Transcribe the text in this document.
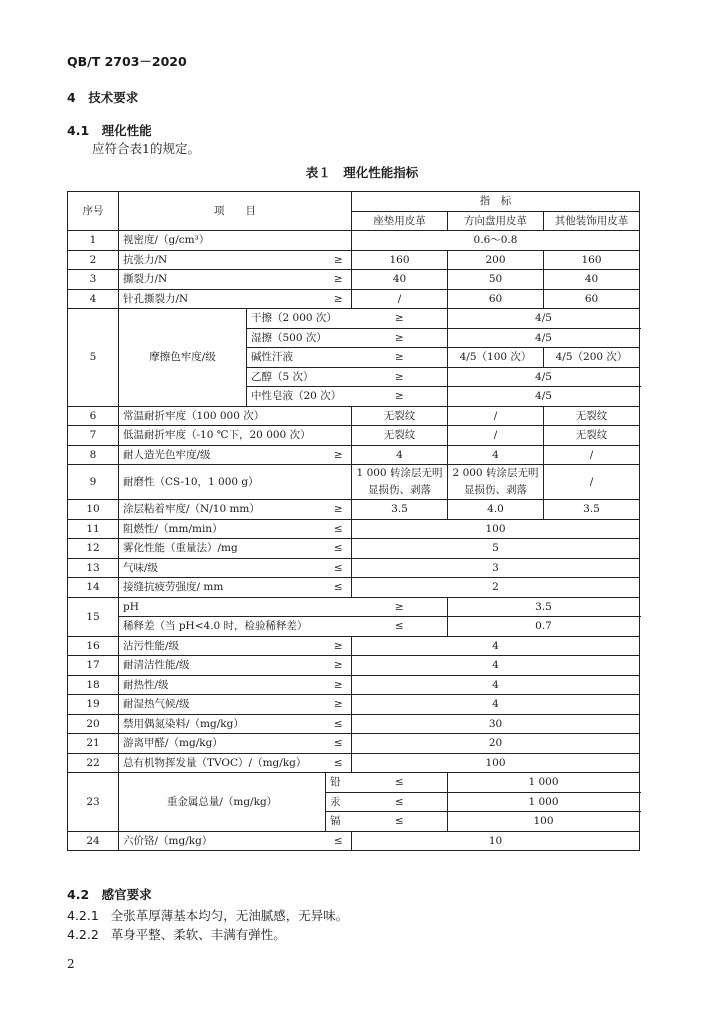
QB/T 2703－2020
4　技术要求
4.1　理化性能
应符合表1的规定。
表１　理化性能指标
序号	项　　目			指　标			
				座垫用皮革	方向盘用皮革	其他装饰用皮革	
1	视密度/（g/cm³）			0.6～0.8			
2	抗张力/N		≥	160	200	160	
3	撕裂力/N		≥	40	50	40	
4	针孔撕裂力/N		≥	/	60	60	
5	摩擦色牢度/级	干擦（2 000 次）		≥	4/5		
		湿擦（500 次）		≥	4/5		
		碱性汗液		≥	4/5（100 次）	4/5（200 次）	
		乙醇（5 次）		≥	4/5		
		中性皂液（20 次）		≥	4/5		
6	常温耐折牢度（100 000 次）			无裂纹	/	无裂纹	
7	低温耐折牢度（-10 ℃下，20 000 次）			无裂纹	/	无裂纹	
8	耐人造光色牢度/级		≥	4	4	/	
9	耐磨性（CS-10，1 000 g）			1 000 转涂层无明显损伤、剥落	2 000 转涂层无明显损伤、剥落	/	
10	涂层粘着牢度/（N/10 mm）		≥	3.5	4.0	3.5	
11	阻燃性/（mm/min）		≤	100			
12	雾化性能（重量法）/mg		≤	5			
13	气味/级		≤	3			
14	接缝抗疲劳强度/ mm		≤	2			
15	pH			≥	3.5		
	稀释差（当 pH<4.0 时，检验稀释差）			≤	0.7		
16	沾污性能/级		≥	4			
17	耐清洁性能/级		≥	4			
18	耐热性/级		≥	4			
19	耐湿热气候/级		≥	4			
20	禁用偶氮染料/（mg/kg）		≤	30			
21	游离甲醛/（mg/kg）		≤	20			
22	总有机物挥发量（TVOC）/（mg/kg）		≤	100			
23	重金属总量/（mg/kg）		铅	≤	1 000		
			汞	≤	1 000		
			镉	≤	100		
24	六价铬/（mg/kg）		≤	10			
4.2　感官要求
4.2.1 全张革厚薄基本均匀，无油腻感，无异味。
4.2.2 革身平整、柔软、丰满有弹性。
2
